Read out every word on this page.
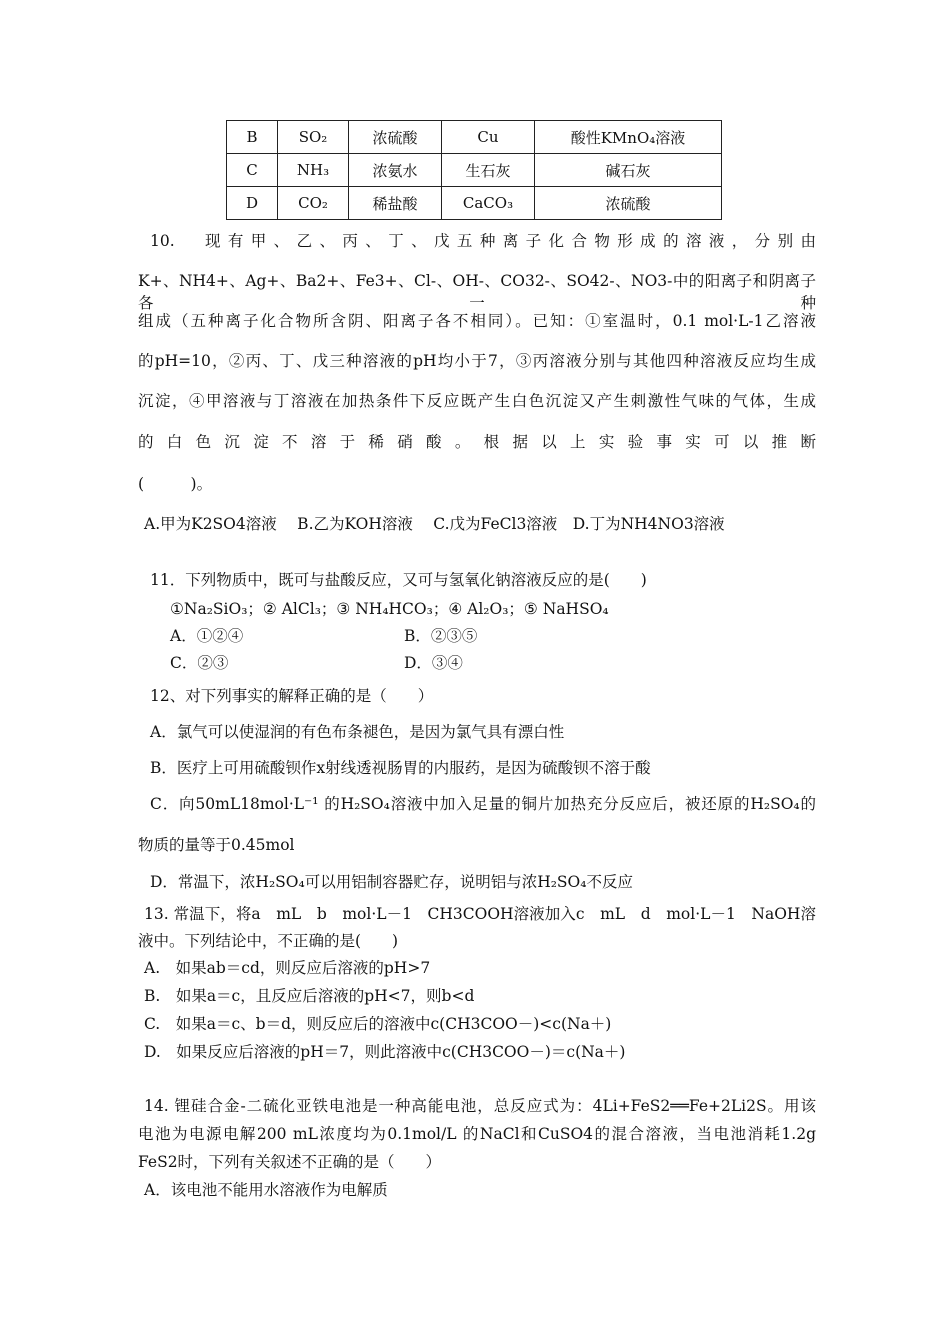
B	SO₂	浓硫酸	Cu	酸性KMnO₄溶液
C	NH₃	浓氨水	生石灰	碱石灰
D	CO₂	稀盐酸	CaCO₃	浓硫酸
10.　现有甲、乙、丙、丁、戊五种离子化合物形成的溶液，分别由
K+、NH4+、Ag+、Ba2+、Fe3+、Cl-、OH-、CO32-、SO42-、NO3-中的阳离子和阴离子各一种
组成（五种离子化合物所含阴、阳离子各不相同）。已知：①室温时，0.1 mol·L-1乙溶液
的pH=10，②丙、丁、戊三种溶液的pH均小于7，③丙溶液分别与其他四种溶液反应均生成
沉淀，④甲溶液与丁溶液在加热条件下反应既产生白色沉淀又产生刺激性气味的气体，生成
的白色沉淀不溶于稀硝酸。根据以上实验事实可以推断
(　　　)。
A.甲为K2SO4溶液　 B.乙为KOH溶液　 C.戊为FeCl3溶液　D.丁为NH4NO3溶液
11．下列物质中，既可与盐酸反应，又可与氢氧化钠溶液反应的是(　　)
①Na₂SiO₃；② AlCl₃；③ NH₄HCO₃；④ Al₂O₃；⑤ NaHSO₄
A．①②④	B．②③⑤
C．②③	D．③④
12、对下列事实的解释正确的是（　　）
A．氯气可以使湿润的有色布条褪色，是因为氯气具有漂白性
B．医疗上可用硫酸钡作x射线透视肠胃的内服药，是因为硫酸钡不溶于酸
C．向50mL18mol·L⁻¹ 的H₂SO₄溶液中加入足量的铜片加热充分反应后，被还原的H₂SO₄的
物质的量等于0.45mol
D．常温下，浓H₂SO₄可以用铝制容器贮存，说明铝与浓H₂SO₄不反应
13. 常温下，将a　mL　b　mol·L－1　CH3COOH溶液加入c　mL　d　mol·L－1　NaOH溶
液中。下列结论中，不正确的是(　　)
A.　如果ab＝cd，则反应后溶液的pH>7
B.　如果a＝c，且反应后溶液的pH<7，则b<d
C.　如果a＝c、b＝d，则反应后的溶液中c(CH3COO－)<c(Na＋)
D.　如果反应后溶液的pH＝7，则此溶液中c(CH3COO－)＝c(Na＋)
14. 锂硅合金-二硫化亚铁电池是一种高能电池，总反应式为：4Li+FeS2══Fe+2Li2S。用该
电池为电源电解200 mL浓度均为0.1mol/L 的NaCl和CuSO4的混合溶液，当电池消耗1.2g
FeS2时，下列有关叙述不正确的是（　　）
A．该电池不能用水溶液作为电解质
